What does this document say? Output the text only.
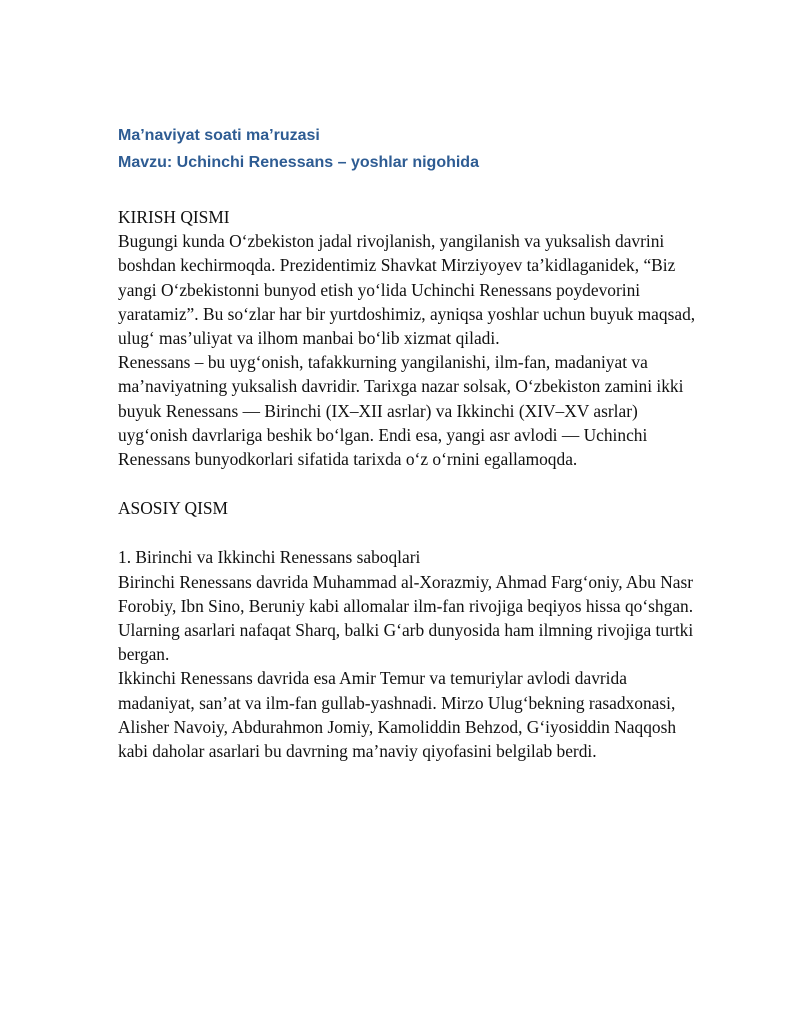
Ma’naviyat soati ma’ruzasi
Mavzu: Uchinchi Renessans – yoshlar nigohida
KIRISH QISMI

Bugungi kunda O‘zbekiston jadal rivojlanish, yangilanish va yuksalish davrini boshdan kechirmoqda. Prezidentimiz Shavkat Mirziyoyev ta’kidlaganidek, “Biz yangi O‘zbekistonni bunyod etish yo‘lida Uchinchi Renessans poydevorini yaratamiz”. Bu so‘zlar har bir yurtdoshimiz, ayniqsa yoshlar uchun buyuk maqsad, ulug‘ mas’uliyat va ilhom manbai bo‘lib xizmat qiladi.

Renessans – bu uyg‘onish, tafakkurning yangilanishi, ilm-fan, madaniyat va ma’naviyatning yuksalish davridir. Tarixga nazar solsak, O‘zbekiston zamini ikki buyuk Renessans — Birinchi (IX–XII asrlar) va Ikkinchi (XIV–XV asrlar) uyg‘onish davrlariga beshik bo‘lgan. Endi esa, yangi asr avlodi — Uchinchi Renessans bunyodkorlari sifatida tarixda o‘z o‘rnini egallamoqda.

ASOSIY QISM
1. Birinchi va Ikkinchi Renessans saboqlari

Birinchi Renessans davrida Muhammad al-Xorazmiy, Ahmad Farg‘oniy, Abu Nasr Forobiy, Ibn Sino, Beruniy kabi allomalar ilm-fan rivojiga beqiyos hissa qo‘shgan. Ularning asarlari nafaqat Sharq, balki G‘arb dunyosida ham ilmning rivojiga turtki bergan.

Ikkinchi Renessans davrida esa Amir Temur va temuriylar avlodi davrida madaniyat, san’at va ilm-fan gullab-yashnadi. Mirzo Ulug‘bekning rasadxonasi, Alisher Navoiy, Abdurahmon Jomiy, Kamoliddin Behzod, G‘iyosiddin Naqqosh kabi daholar asarlari bu davrning ma’naviy qiyofasini belgilab berdi.
